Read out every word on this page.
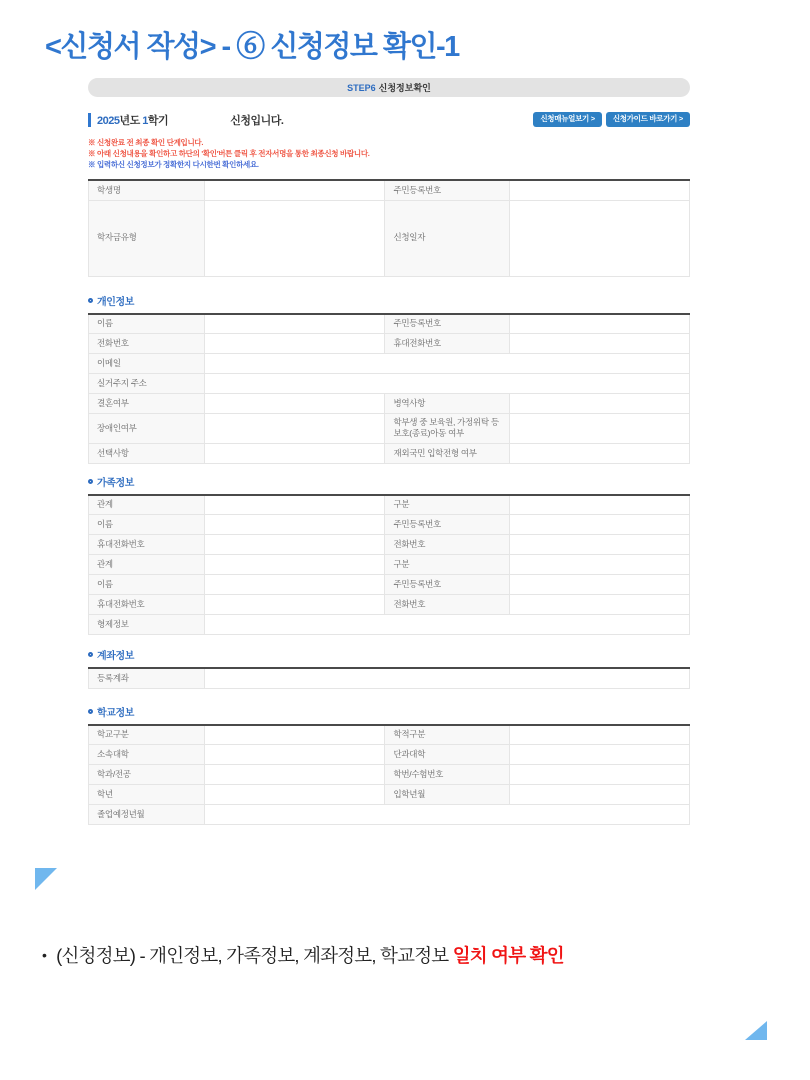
<신청서 작성> - ⑥ 신청정보 확인-1
STEP6 신청정보확인
2025년도 1학기	신청입니다.	신청매뉴얼보기 >	신청가이드 바로가기 >
※ 신청완료 전 최종 확인 단계입니다.
※ 아래 신청내용을 확인하고 하단의 '확인'버튼 클릭 후 전자서명을 통한 최종신청 바랍니다.
※ 입력하신 신청정보가 정확한지 다시한번 확인하세요.
학생명		주민등록번호	
학자금유형		신청일자	
개인정보
이름		주민등록번호	
전화번호		휴대전화번호	
이메일			
실거주지 주소			
결혼여부		병역사항	
장애인여부		학부생 중 보육원, 가정위탁 등 보호(종료)아동 여부	
선택사항		재외국민 입학전형 여부	
가족정보
관계		구분	
이름		주민등록번호	
휴대전화번호		전화번호	
관계		구분	
이름		주민등록번호	
휴대전화번호		전화번호	
형제정보			
계좌정보
등록계좌	
학교정보
학교구분		학적구분	
소속대학		단과대학	
학과/전공		학번/수험번호	
학년		입학년월	
졸업예정년월			
• (신청정보) - 개인정보, 가족정보, 계좌정보, 학교정보 일치 여부 확인
